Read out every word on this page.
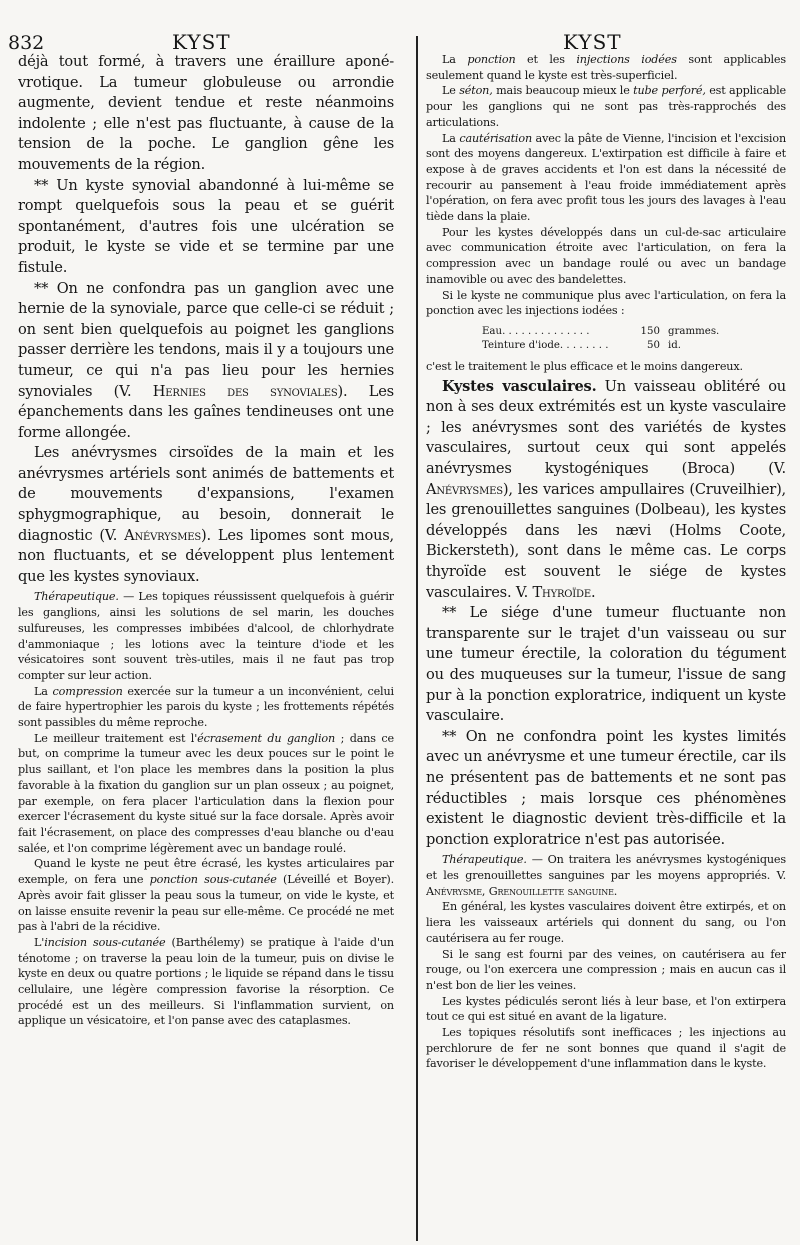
832	KYST	KYST

déjà tout formé, à travers une éraillure aponé-vrotique. La tumeur globuleuse ou arrondie augmente, devient tendue et reste néanmoins indolente ; elle n'est pas fluctuante, à cause de la tension de la poche. Le ganglion gêne les mouvements de la région.

** Un kyste synovial abandonné à lui-même se rompt quelquefois sous la peau et se guérit spontanément, d'autres fois une ulcération se produit, le kyste se vide et se termine par une fistule.

** On ne confondra pas un ganglion avec une hernie de la synoviale, parce que celle-ci se réduit ; on sent bien quelquefois au poignet les ganglions passer derrière les tendons, mais il y a toujours une tumeur, ce qui n'a pas lieu pour les hernies synoviales (V. Hernies des synoviales). Les épanchements dans les gaînes tendineuses ont une forme allongée.

Les anévrysmes cirsoïdes de la main et les anévrysmes artériels sont animés de battements et de mouvements d'expansions, l'examen sphygmographique, au besoin, donnerait le diagnostic (V. Anévrysmes). Les lipomes sont mous, non fluctuants, et se développent plus lentement que les kystes synoviaux.

Thérapeutique. — Les topiques réussissent quelquefois à guérir les ganglions, ainsi les solutions de sel marin, les douches sulfureuses, les compresses imbibées d'alcool, de chlorhydrate d'ammoniaque ; les lotions avec la teinture d'iode et les vésicatoires sont souvent très-utiles, mais il ne faut pas trop compter sur leur action.

La compression exercée sur la tumeur a un inconvénient, celui de faire hypertrophier les parois du kyste ; les frottements répétés sont passibles du même reproche.

Le meilleur traitement est l'écrasement du ganglion ; dans ce but, on comprime la tumeur avec les deux pouces sur le point le plus saillant, et l'on place les membres dans la position la plus favorable à la fixation du ganglion sur un plan osseux ; au poignet, par exemple, on fera placer l'articulation dans la flexion pour exercer l'écrasement du kyste situé sur la face dorsale. Après avoir fait l'écrasement, on place des compresses d'eau blanche ou d'eau salée, et l'on comprime légèrement avec un bandage roulé.

Quand le kyste ne peut être écrasé, les kystes articulaires par exemple, on fera une ponction sous-cutanée (Léveillé et Boyer). Après avoir fait glisser la peau sous la tumeur, on vide le kyste, et on laisse ensuite revenir la peau sur elle-même. Ce procédé ne met pas à l'abri de la récidive.

L'incision sous-cutanée (Barthélemy) se pratique à l'aide d'un ténotome ; on traverse la peau loin de la tumeur, puis on divise le kyste en deux ou quatre portions ; le liquide se répand dans le tissu cellulaire, une légère compression favorise la résorption. Ce procédé est un des meilleurs. Si l'inflammation survient, on applique un vésicatoire, et l'on panse avec des cataplasmes.

La ponction et les injections iodées sont applicables seulement quand le kyste est très-superficiel.

Le séton, mais beaucoup mieux le tube perforé, est applicable pour les ganglions qui ne sont pas très-rapprochés des articulations.

La cautérisation avec la pâte de Vienne, l'incision et l'excision sont des moyens dangereux. L'extirpation est difficile à faire et expose à de graves accidents et l'on est dans la nécessité de recourir au pansement à l'eau froide immédiatement après l'opération, on fera avec profit tous les jours des lavages à l'eau tiède dans la plaie.

Pour les kystes développés dans un cul-de-sac articulaire avec communication étroite avec l'articulation, on fera la compression avec un bandage roulé ou avec un bandage inamovible ou avec des bandelettes.

Si le kyste ne communique plus avec l'articulation, on fera la ponction avec les injections iodées :

Eau. . . . . . . . . . . . . .	150 grammes.
Teinture d'iode. . . . . . . .	50 id.

c'est le traitement le plus efficace et le moins dangereux.

Kystes vasculaires. Un vaisseau oblitéré ou non à ses deux extrémités est un kyste vasculaire ; les anévrysmes sont des variétés de kystes vasculaires, surtout ceux qui sont appelés anévrysmes kystogéniques (Broca) (V. Anévrysmes), les varices ampullaires (Cruveilhier), les grenouillettes sanguines (Dolbeau), les kystes développés dans les nævi (Holms Coote, Bickersteth), sont dans le même cas. Le corps thyroïde est souvent le siége de kystes vasculaires. V. Thyroïde.

** Le siége d'une tumeur fluctuante non transparente sur le trajet d'un vaisseau ou sur une tumeur érectile, la coloration du tégument ou des muqueuses sur la tumeur, l'issue de sang pur à la ponction exploratrice, indiquent un kyste vasculaire.

** On ne confondra point les kystes limités avec un anévrysme et une tumeur érectile, car ils ne présentent pas de battements et ne sont pas réductibles ; mais lorsque ces phénomènes existent le diagnostic devient très-difficile et la ponction exploratrice n'est pas autorisée.

Thérapeutique. — On traitera les anévrysmes kystogéniques et les grenouillettes sanguines par les moyens appropriés. V. Anévrysme, Grenouillette sanguine.

En général, les kystes vasculaires doivent être extirpés, et on liera les vaisseaux artériels qui donnent du sang, ou l'on cautérisera au fer rouge.

Si le sang est fourni par des veines, on cautérisera au fer rouge, ou l'on exercera une compression ; mais en aucun cas il n'est bon de lier les veines.

Les kystes pédiculés seront liés à leur base, et l'on extirpera tout ce qui est situé en avant de la ligature.

Les topiques résolutifs sont inefficaces ; les injections au perchlorure de fer ne sont bonnes que quand il s'agit de favoriser le développement d'une inflammation dans le kyste.
